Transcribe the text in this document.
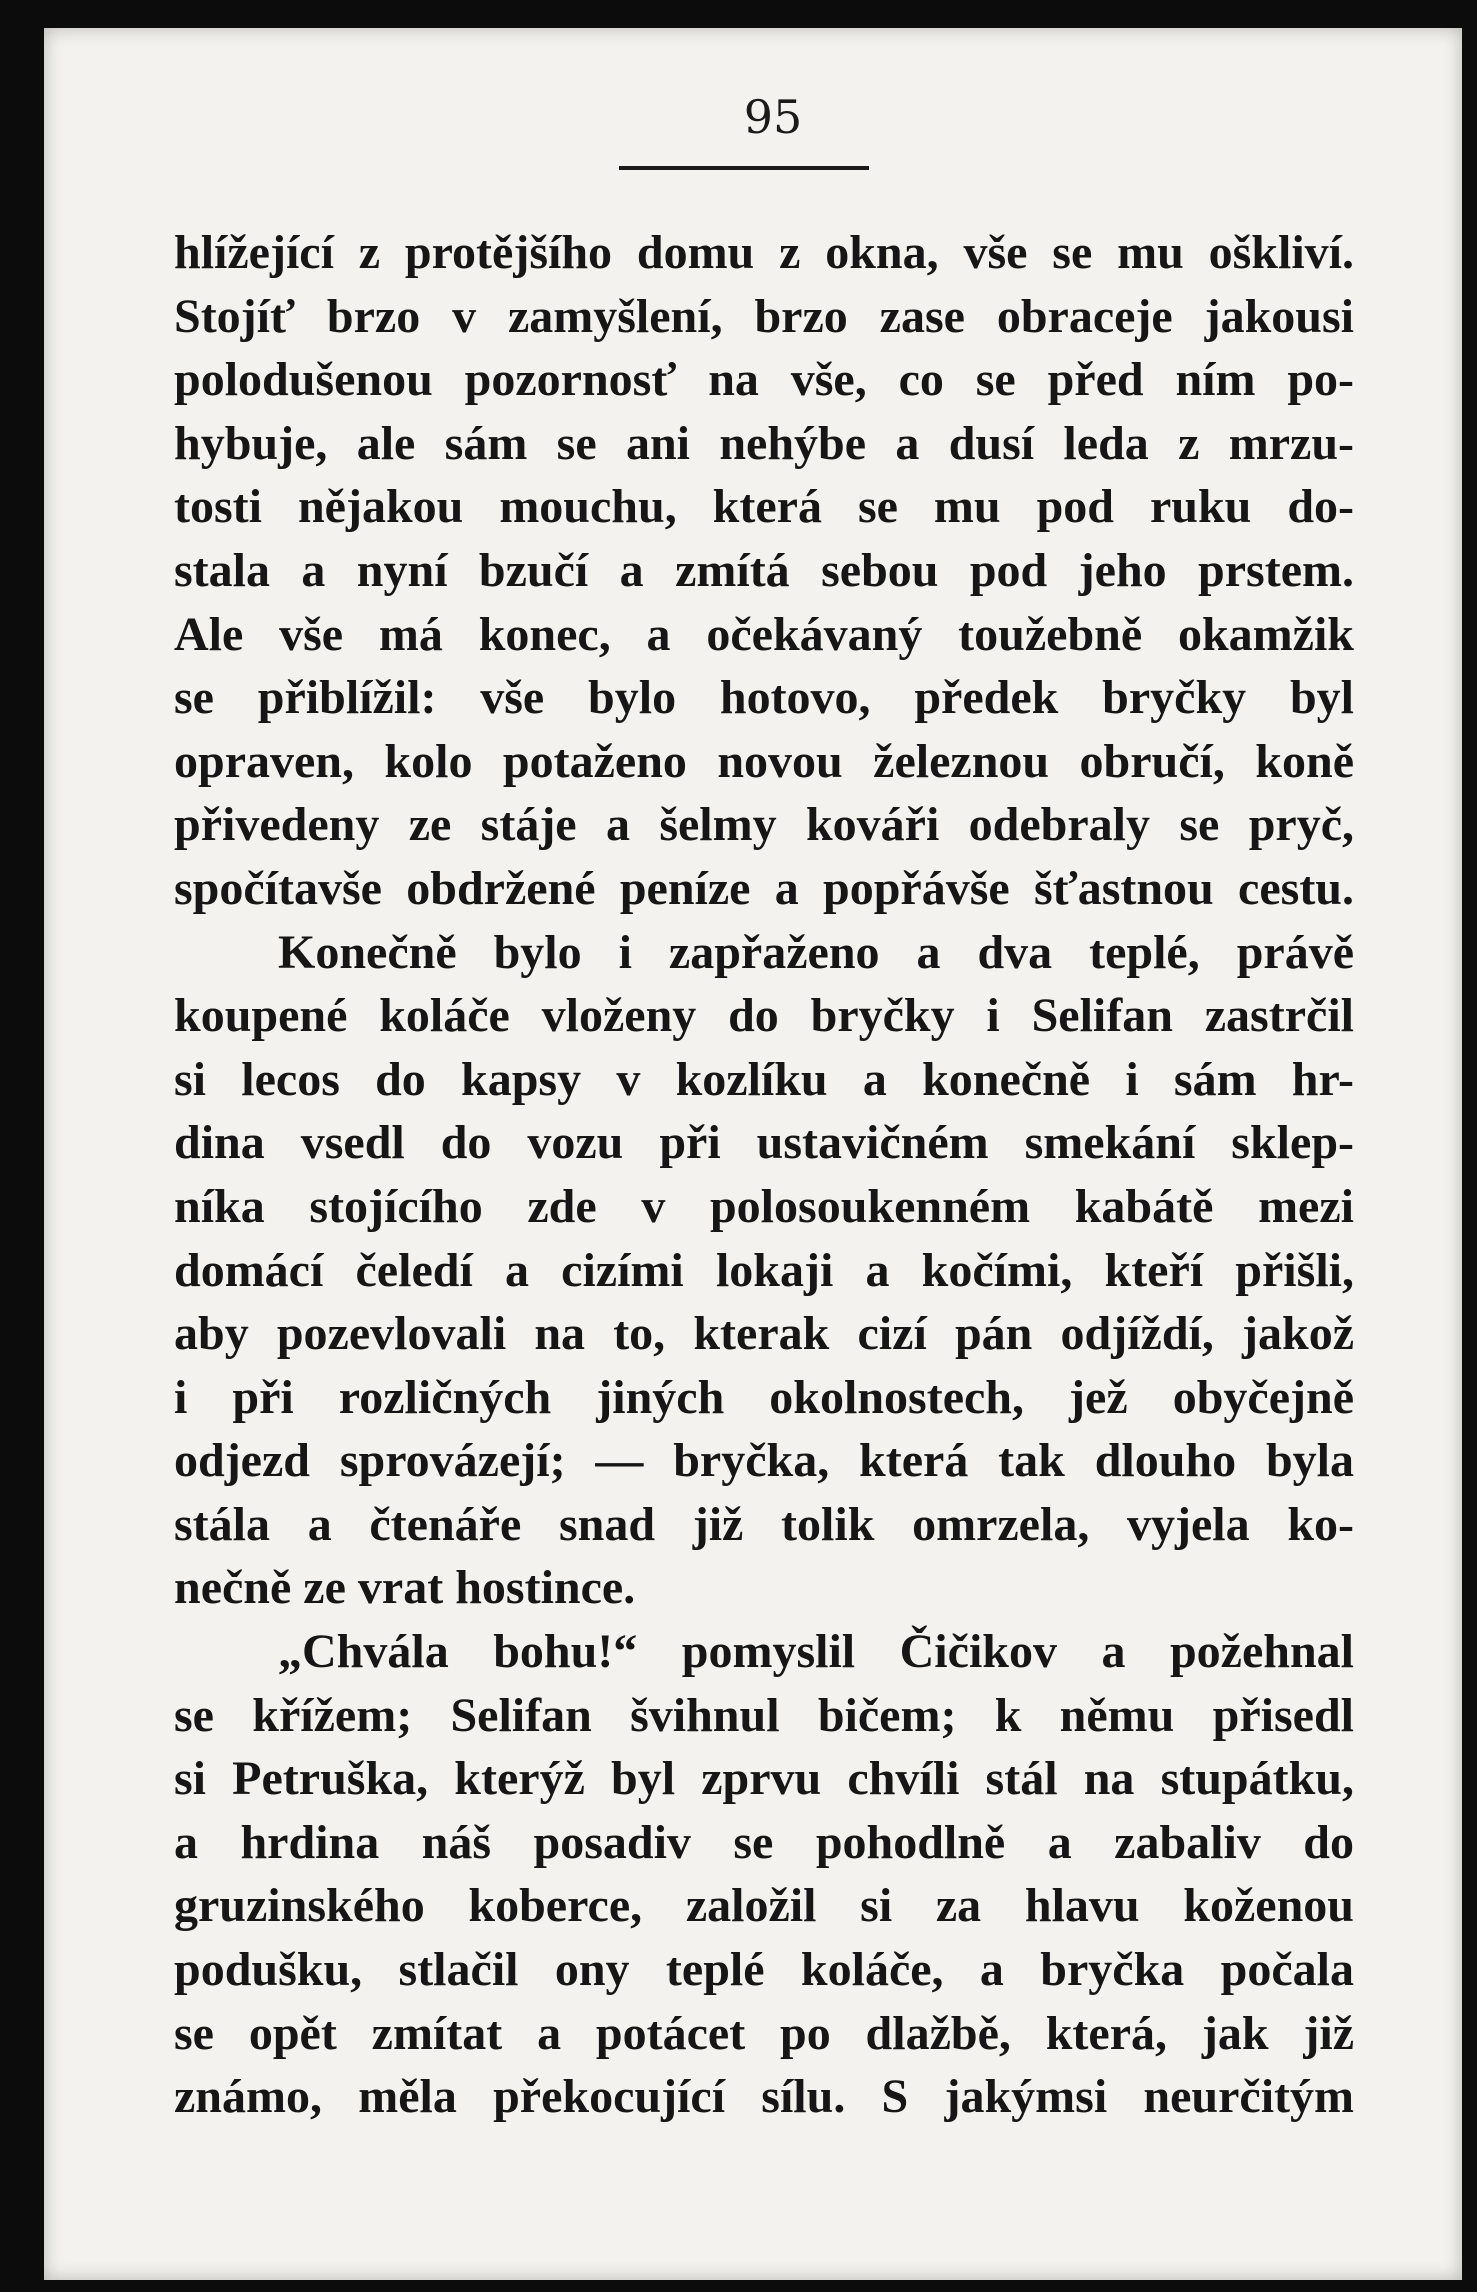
95
hlížející z protějšího domu z okna, vše se mu oškliví.
Stojíť brzo v zamyšlení, brzo zase obraceje jakousi
polodušenou pozornosť na vše, co se před ním po-
hybuje, ale sám se ani nehýbe a dusí leda z mrzu-
tosti nějakou mouchu, která se mu pod ruku do-
stala a nyní bzučí a zmítá sebou pod jeho prstem.
Ale vše má konec, a očekávaný toužebně okamžik
se přiblížil: vše bylo hotovo, předek bryčky byl
opraven, kolo potaženo novou železnou obručí, koně
přivedeny ze stáje a šelmy kováři odebraly se pryč,
spočítavše obdržené peníze a popřávše šťastnou cestu.
Konečně bylo i zapřaženo a dva teplé, právě
koupené koláče vloženy do bryčky i Selifan zastrčil
si lecos do kapsy v kozlíku a konečně i sám hr-
dina vsedl do vozu při ustavičném smekání sklep-
níka stojícího zde v polosoukenném kabátě mezi
domácí čeledí a cizími lokaji a kočími, kteří přišli,
aby pozevlovali na to, kterak cizí pán odjíždí, jakož
i při rozličných jiných okolnostech, jež obyčejně
odjezd sprovázejí; — bryčka, která tak dlouho byla
stála a čtenáře snad již tolik omrzela, vyjela ko-
nečně ze vrat hostince.
„Chvála bohu!“ pomyslil Čičikov a požehnal
se křížem; Selifan švihnul bičem; k němu přisedl
si Petruška, kterýž byl zprvu chvíli stál na stupátku,
a hrdina náš posadiv se pohodlně a zabaliv do
gruzinského koberce, založil si za hlavu koženou
podušku, stlačil ony teplé koláče, a bryčka počala
se opět zmítat a potácet po dlažbě, která, jak již
známo, měla překocující sílu. S jakýmsi neurčitým
